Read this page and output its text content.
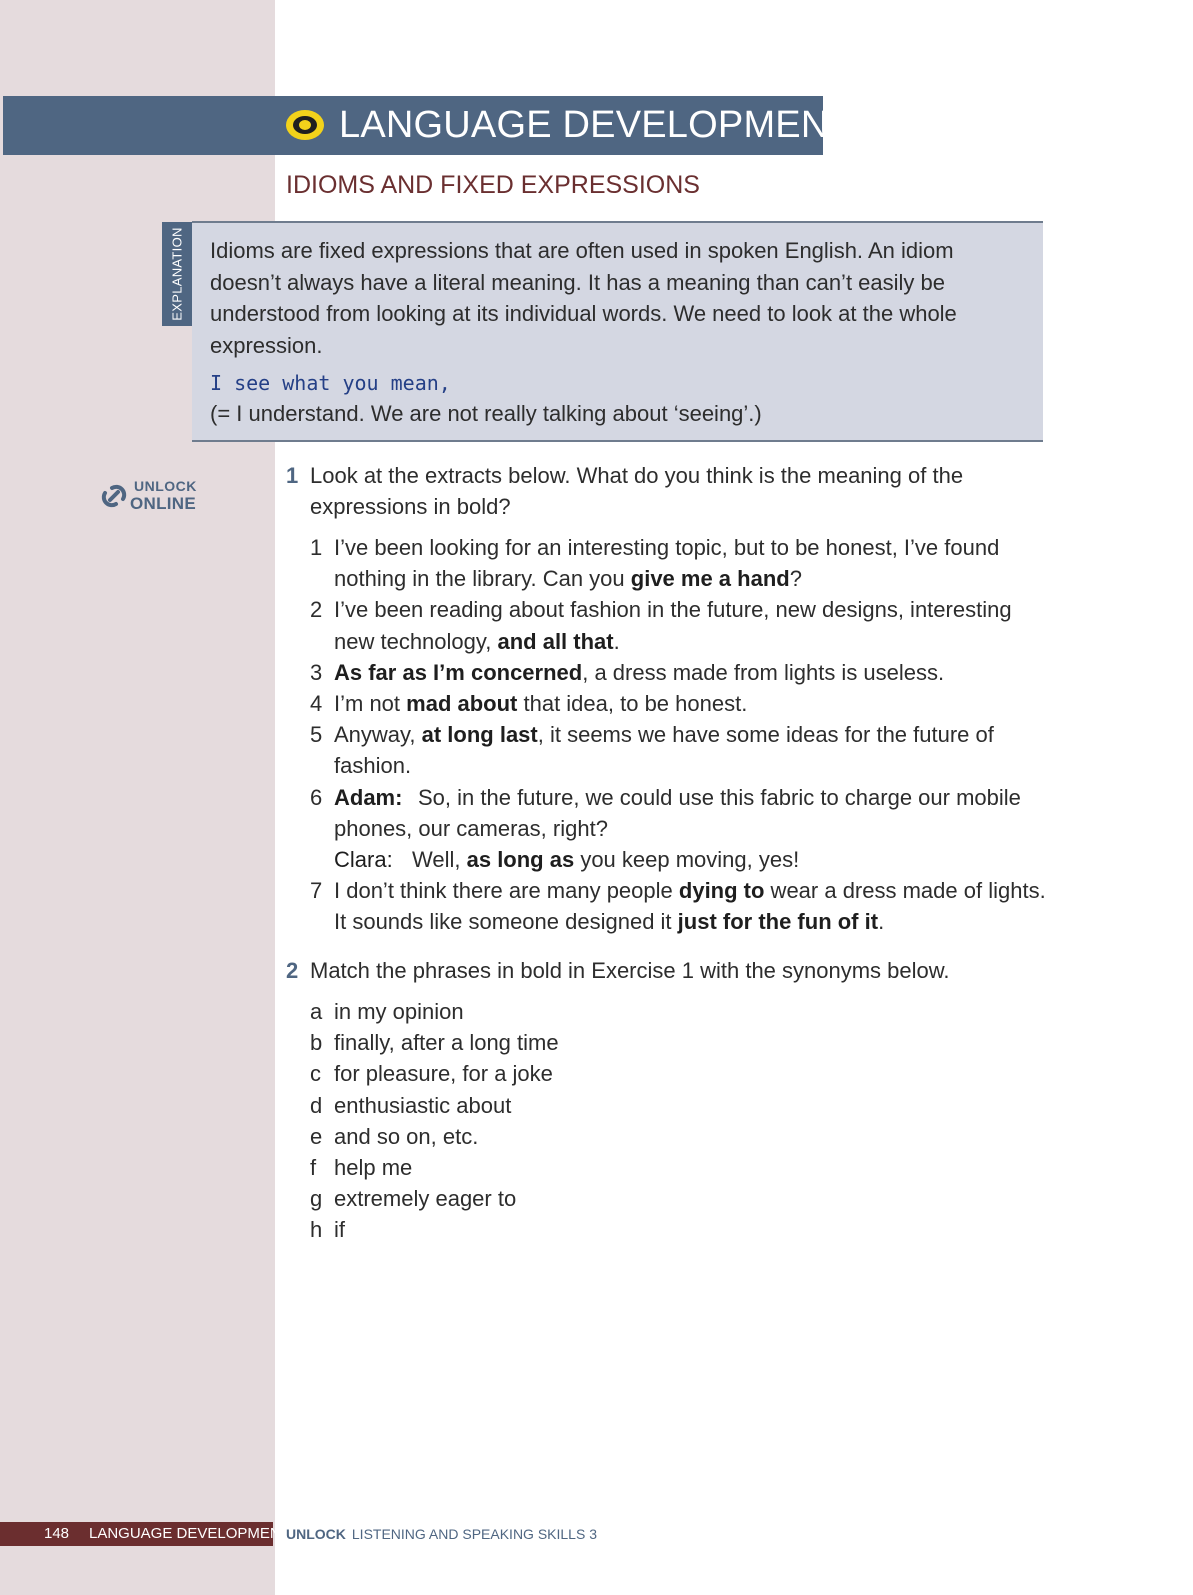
LANGUAGE DEVELOPMENT
IDIOMS AND FIXED EXPRESSIONS
EXPLANATION Idioms are fixed expressions that are often used in spoken English. An idiom doesn’t always have a literal meaning. It has a meaning than can’t easily be understood from looking at its individual words. We need to look at the whole expression.

I see what you mean,
(= I understand. We are not really talking about ‘seeing’.)
UNLOCK
ONLINE
1 Look at the extracts below. What do you think is the meaning of the expressions in bold?
1 I’ve been looking for an interesting topic, but to be honest, I’ve found nothing in the library. Can you give me a hand?
2 I’ve been reading about fashion in the future, new designs, interesting new technology, and all that.
3 As far as I’m concerned, a dress made from lights is useless.
4 I’m not mad about that idea, to be honest.
5 Anyway, at long last, it seems we have some ideas for the future of fashion.
6 Adam: So, in the future, we could use this fabric to charge our mobile phones, our cameras, right?
Clara: Well, as long as you keep moving, yes!
7 I don’t think there are many people dying to wear a dress made of lights. It sounds like someone designed it just for the fun of it.
2 Match the phrases in bold in Exercise 1 with the synonyms below.
a in my opinion
b finally, after a long time
c for pleasure, for a joke
d enthusiastic about
e and so on, etc.
f help me
g extremely eager to
h if
148 LANGUAGE DEVELOPMENT
UNLOCK LISTENING AND SPEAKING SKILLS 3
